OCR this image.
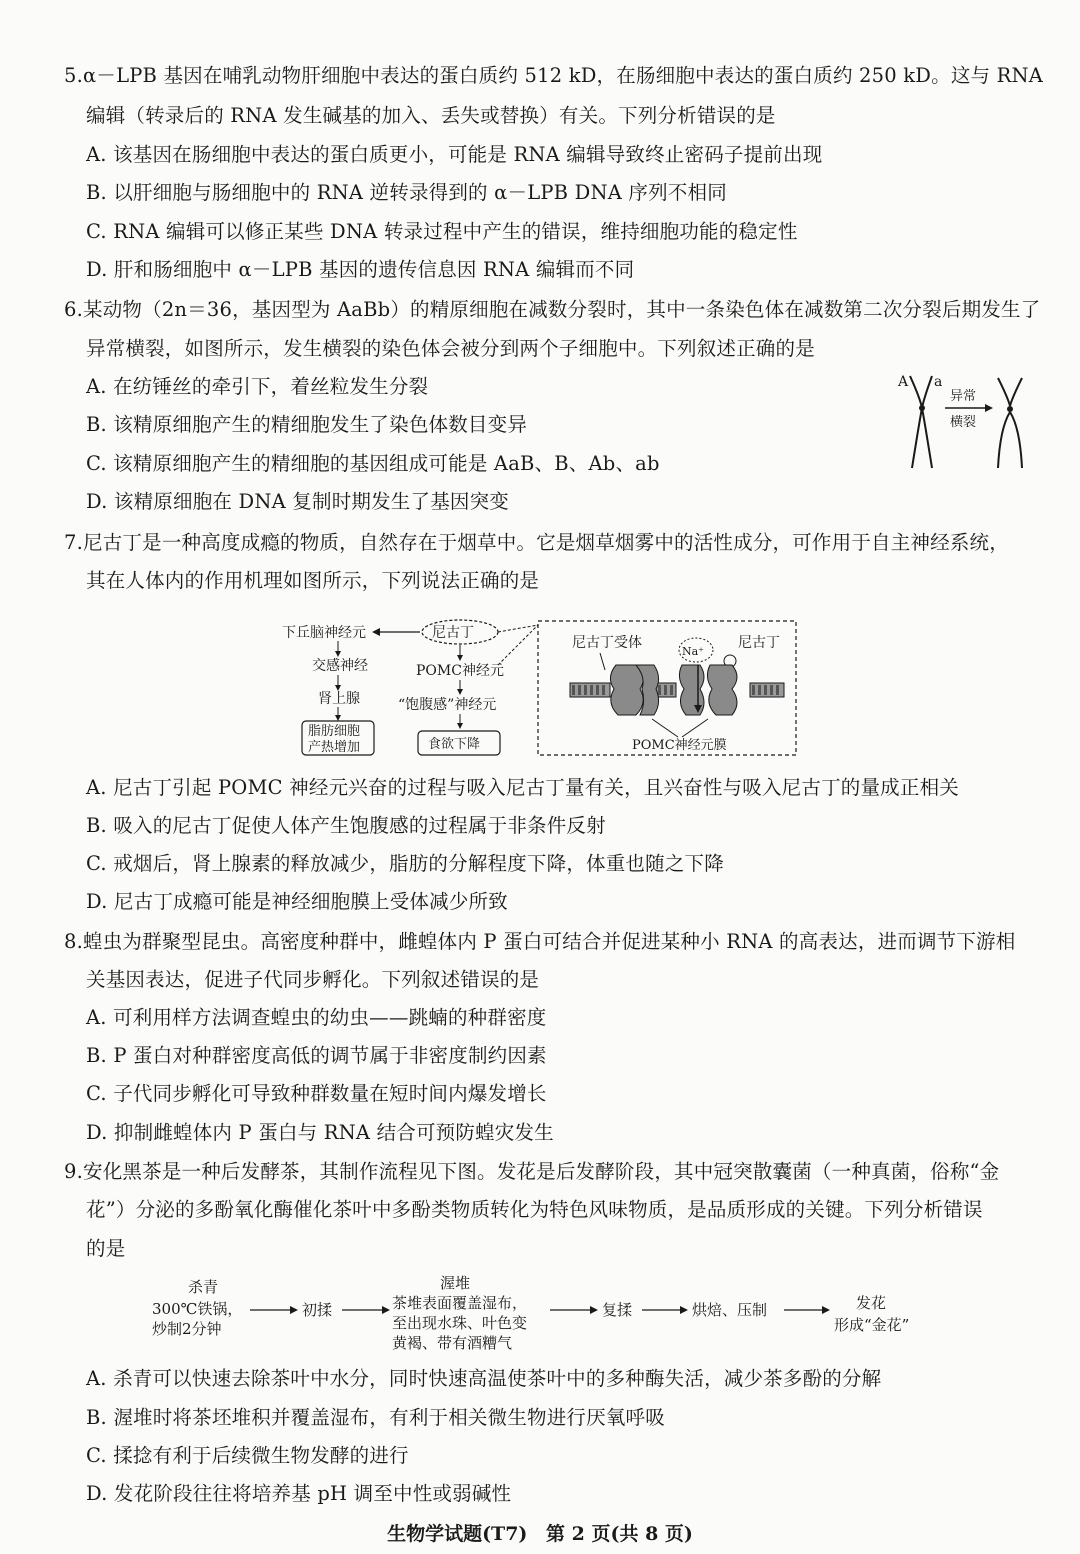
5.α－LPB 基因在哺乳动物肝细胞中表达的蛋白质约 512 kD，在肠细胞中表达的蛋白质约 250 kD。这与 RNA
编辑（转录后的 RNA 发生碱基的加入、丢失或替换）有关。下列分析错误的是
A. 该基因在肠细胞中表达的蛋白质更小，可能是 RNA 编辑导致终止密码子提前出现
B. 以肝细胞与肠细胞中的 RNA 逆转录得到的 α－LPB DNA 序列不相同
C. RNA 编辑可以修正某些 DNA 转录过程中产生的错误，维持细胞功能的稳定性
D. 肝和肠细胞中 α－LPB 基因的遗传信息因 RNA 编辑而不同
6.某动物（2n＝36，基因型为 AaBb）的精原细胞在减数分裂时，其中一条染色体在减数第二次分裂后期发生了
异常横裂，如图所示，发生横裂的染色体会被分到两个子细胞中。下列叙述正确的是
A. 在纺锤丝的牵引下，着丝粒发生分裂
B. 该精原细胞产生的精细胞发生了染色体数目变异
C. 该精原细胞产生的精细胞的基因组成可能是 AaB、B、Ab、ab
D. 该精原细胞在 DNA 复制时期发生了基因突变
A a
异常
横裂
7.尼古丁是一种高度成瘾的物质，自然存在于烟草中。它是烟草烟雾中的活性成分，可作用于自主神经系统，
其在人体内的作用机理如图所示，下列说法正确的是
下丘脑神经元	尼古丁
交感神经
肾上腺
脂肪细胞
产热增加
POMC神经元
“饱腹感”神经元
食欲下降
尼古丁受体
Na⁺
尼古丁
POMC神经元膜
A. 尼古丁引起 POMC 神经元兴奋的过程与吸入尼古丁量有关，且兴奋性与吸入尼古丁的量成正相关
B. 吸入的尼古丁促使人体产生饱腹感的过程属于非条件反射
C. 戒烟后，肾上腺素的释放减少，脂肪的分解程度下降，体重也随之下降
D. 尼古丁成瘾可能是神经细胞膜上受体减少所致
8.蝗虫为群聚型昆虫。高密度种群中，雌蝗体内 P 蛋白可结合并促进某种小 RNA 的高表达，进而调节下游相
关基因表达，促进子代同步孵化。下列叙述错误的是
A. 可利用样方法调查蝗虫的幼虫——跳蝻的种群密度
B. P 蛋白对种群密度高低的调节属于非密度制约因素
C. 子代同步孵化可导致种群数量在短时间内爆发增长
D. 抑制雌蝗体内 P 蛋白与 RNA 结合可预防蝗灾发生
9.安化黑茶是一种后发酵茶，其制作流程见下图。发花是后发酵阶段，其中冠突散囊菌（一种真菌，俗称“金
花”）分泌的多酚氧化酶催化茶叶中多酚类物质转化为特色风味物质，是品质形成的关键。下列分析错误
的是
杀青
300℃铁锅，
炒制2分钟
初揉
渥堆
茶堆表面覆盖湿布，
至出现水珠、叶色变
黄褐、带有酒糟气
复揉	烘焙、压制	发花
形成“金花”
A. 杀青可以快速去除茶叶中水分，同时快速高温使茶叶中的多种酶失活，减少茶多酚的分解
B. 渥堆时将茶坯堆积并覆盖湿布，有利于相关微生物进行厌氧呼吸
C. 揉捻有利于后续微生物发酵的进行
D. 发花阶段往往将培养基 pH 调至中性或弱碱性
生物学试题(T7) 第 2 页(共 8 页)
